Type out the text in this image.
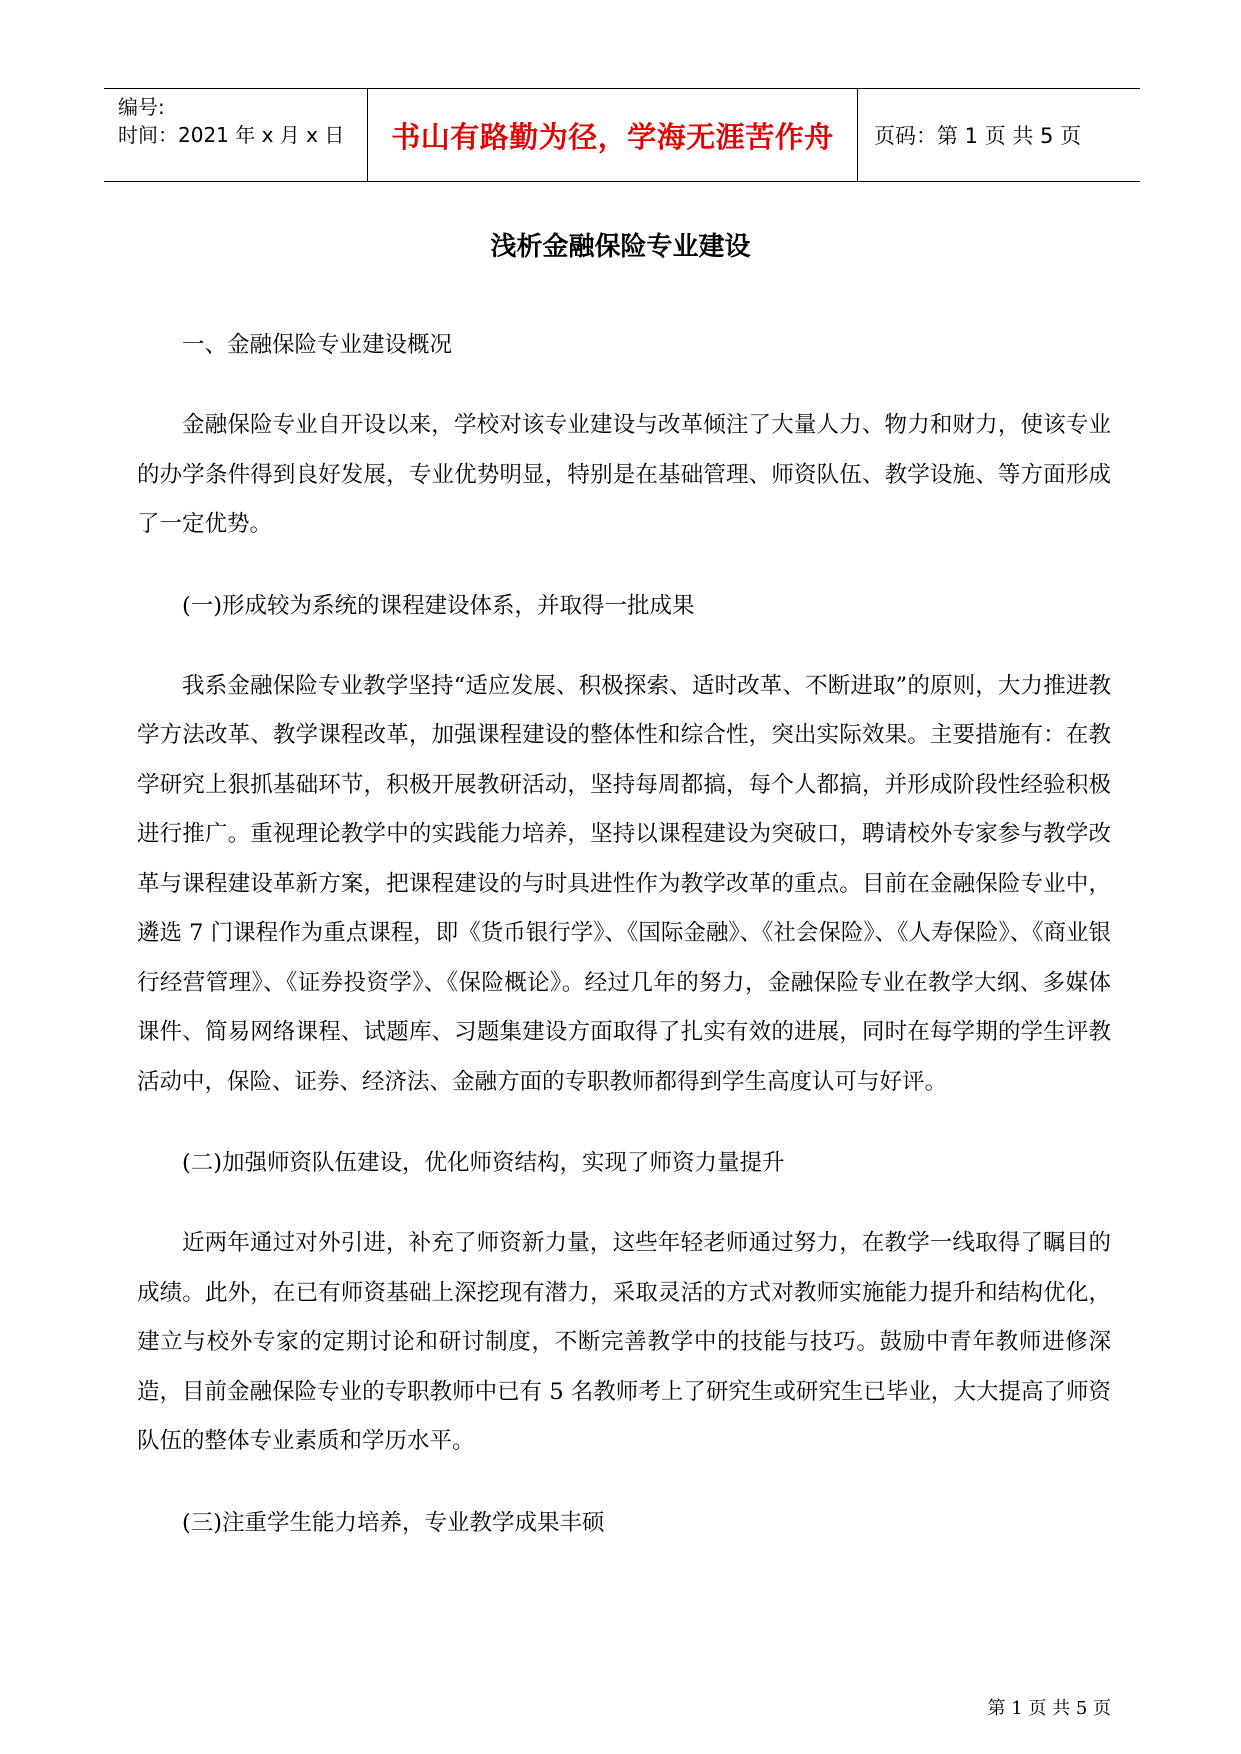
编号:
时间：2021 年 x 月 x 日	书山有路勤为径，学海无涯苦作舟 页码：第 1 页 共 5 页
浅析金融保险专业建设

一、金融保险专业建设概况

金融保险专业自开设以来，学校对该专业建设与改革倾注了大量人力、物力和财力，使该专业的办学条件得到良好发展，专业优势明显，特别是在基础管理、师资队伍、教学设施、等方面形成了一定优势。

(一)形成较为系统的课程建设体系，并取得一批成果

我系金融保险专业教学坚持“适应发展、积极探索、适时改革、不断进取”的原则，大力推进教学方法改革、教学课程改革，加强课程建设的整体性和综合性，突出实际效果。主要措施有：在教学研究上狠抓基础环节，积极开展教研活动，坚持每周都搞，每个人都搞，并形成阶段性经验积极进行推广。重视理论教学中的实践能力培养，坚持以课程建设为突破口，聘请校外专家参与教学改革与课程建设革新方案，把课程建设的与时具进性作为教学改革的重点。目前在金融保险专业中，遴选 7 门课程作为重点课程，即《货币银行学》、《国际金融》、《社会保险》、《人寿保险》、《商业银行经营管理》、《证券投资学》、《保险概论》。经过几年的努力，金融保险专业在教学大纲、多媒体课件、简易网络课程、试题库、习题集建设方面取得了扎实有效的进展，同时在每学期的学生评教活动中，保险、证券、经济法、金融方面的专职教师都得到学生高度认可与好评。

(二)加强师资队伍建设，优化师资结构，实现了师资力量提升

近两年通过对外引进，补充了师资新力量，这些年轻老师通过努力，在教学一线取得了瞩目的成绩。此外，在已有师资基础上深挖现有潜力，采取灵活的方式对教师实施能力提升和结构优化，建立与校外专家的定期讨论和研讨制度，不断完善教学中的技能与技巧。鼓励中青年教师进修深造，目前金融保险专业的专职教师中已有 5 名教师考上了研究生或研究生已毕业，大大提高了师资队伍的整体专业素质和学历水平。

(三)注重学生能力培养，专业教学成果丰硕

第 1 页 共 5 页
